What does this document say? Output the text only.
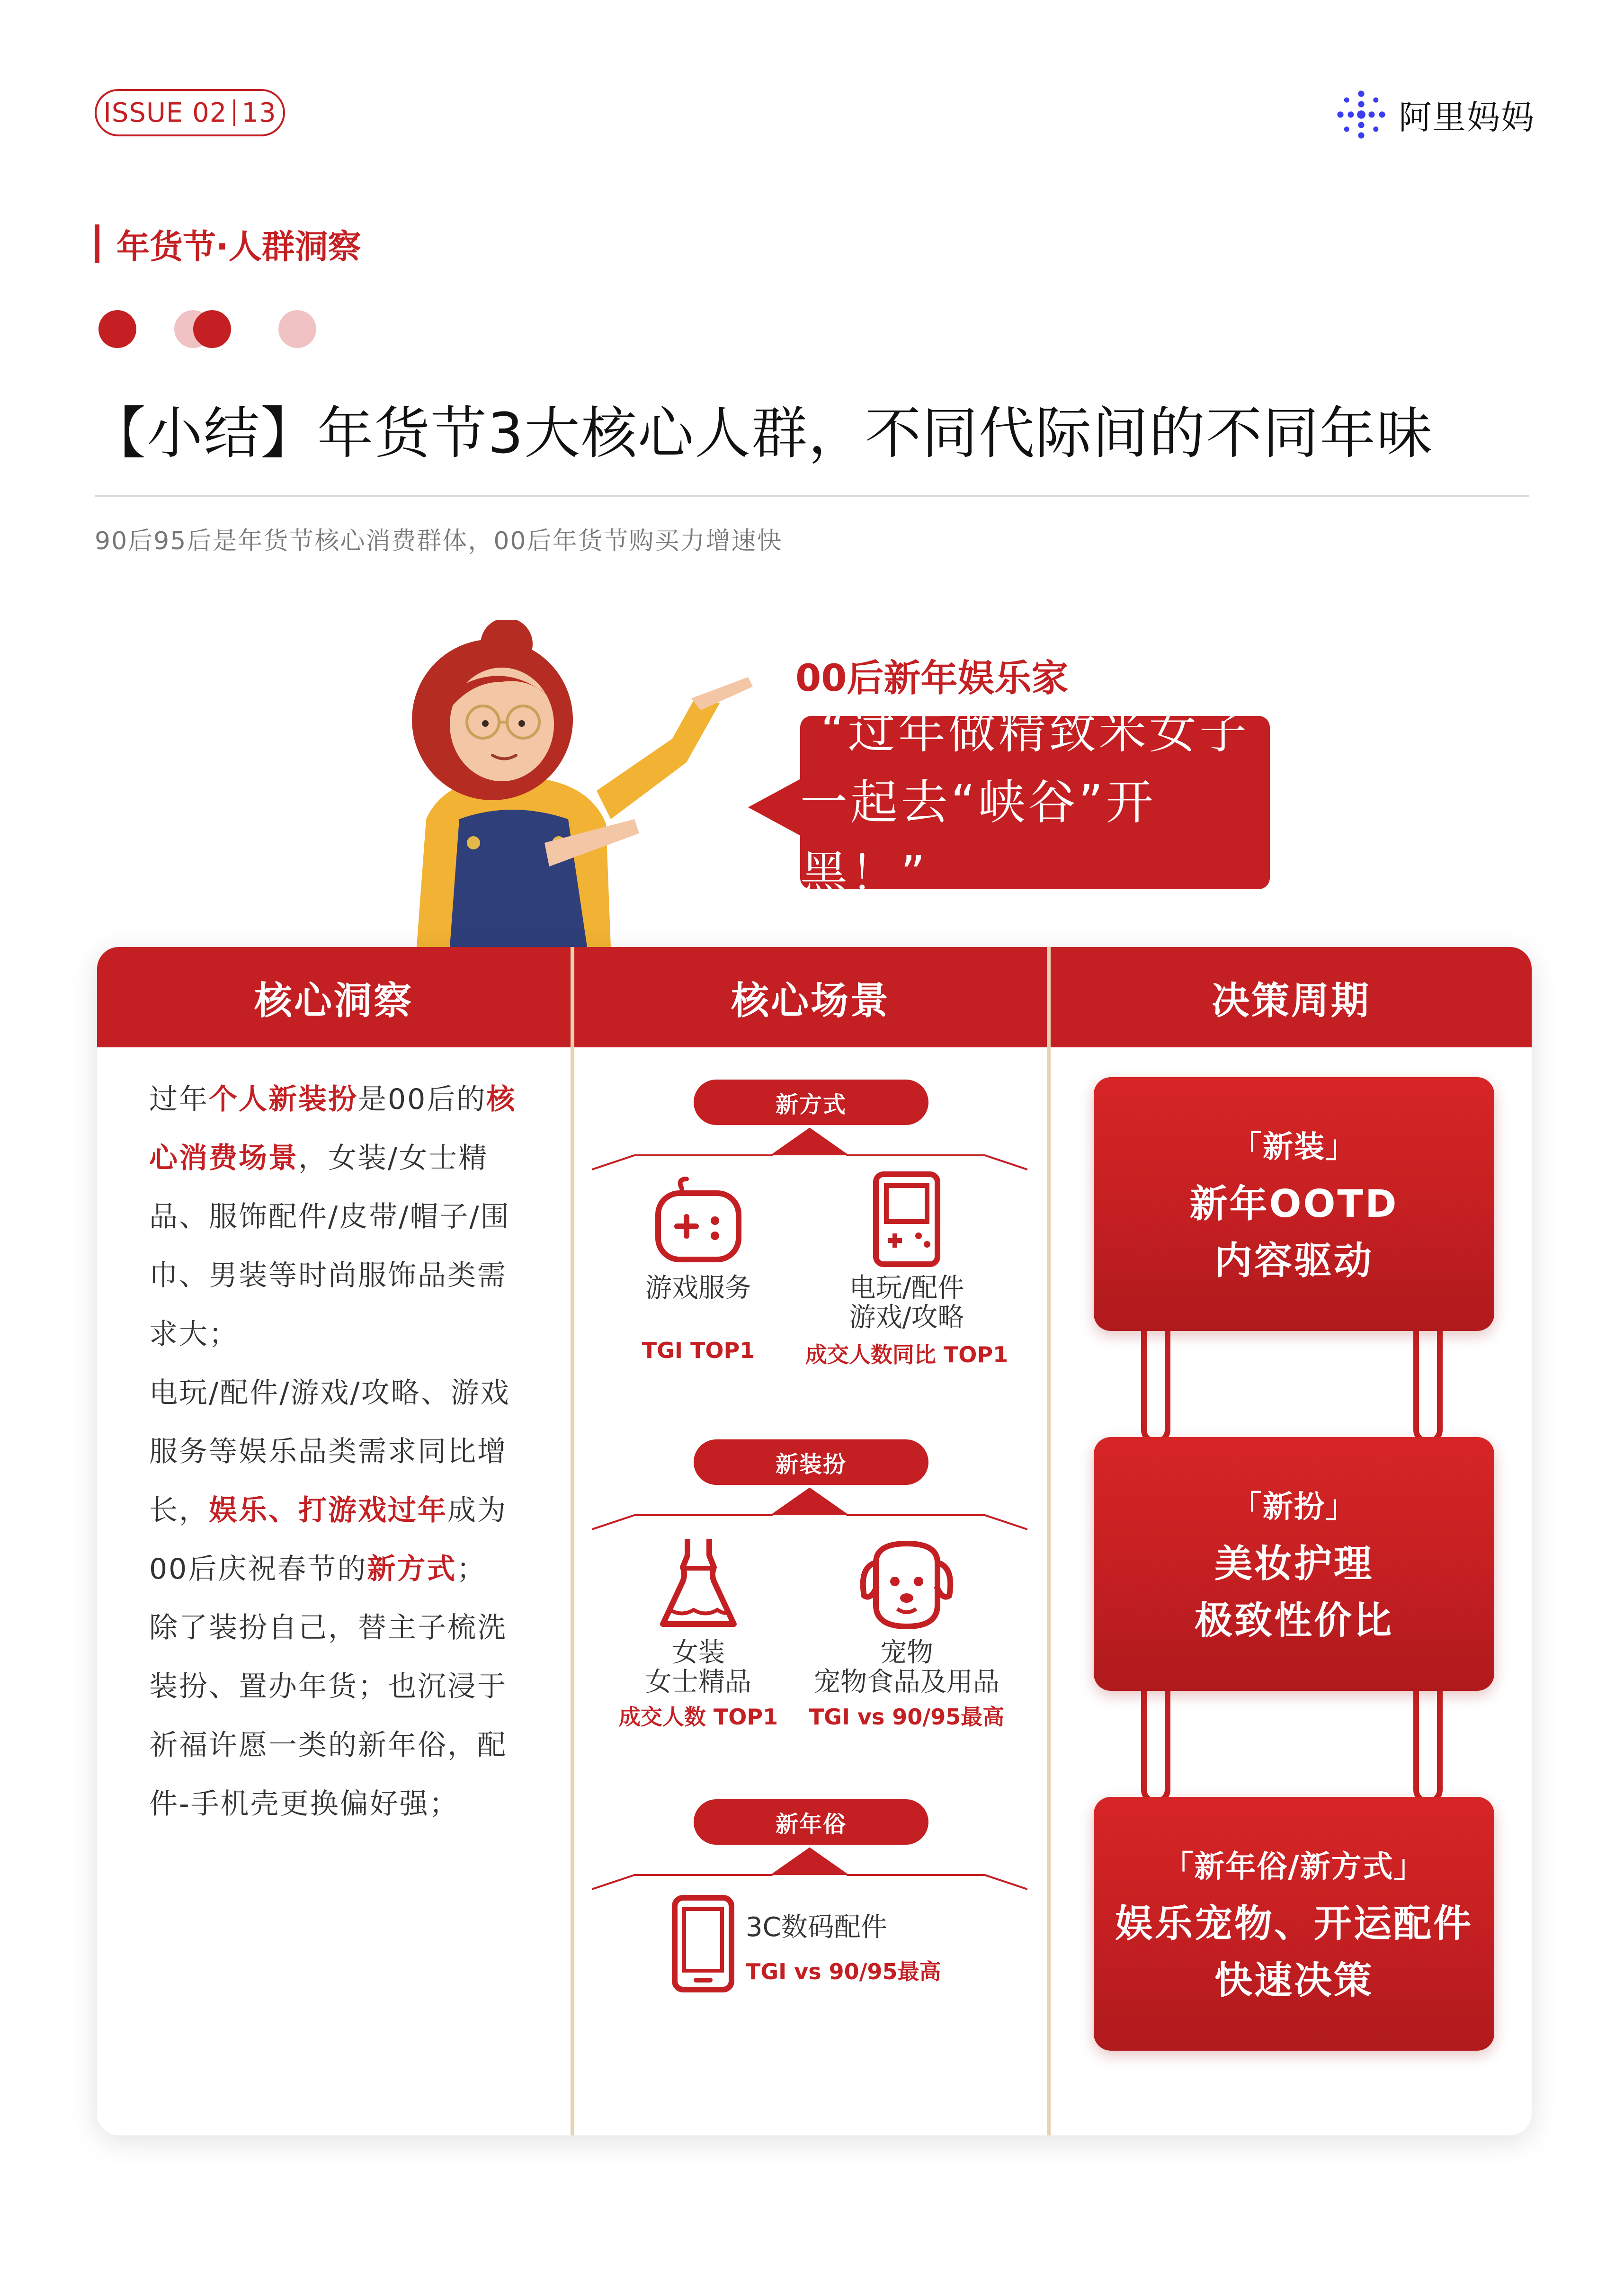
ISSUE 02 13	阿里妈妈
年货节·人群洞察
【小结】年货节3大核心人群，不同代际间的不同年味
90后95后是年货节核心消费群体，00后年货节购买力增速快
00后新年娱乐家
“过年做精致米女子
一起去“峡谷”开黑！”
核心洞察	核心场景	决策周期
过年个人新装扮是00后的核心消费场景，女装/女士精品、服饰配件/皮带/帽子/围巾、男装等时尚服饰品类需求大；
电玩/配件/游戏/攻略、游戏服务等娱乐品类需求同比增长，娱乐、打游戏过年成为00后庆祝春节的新方式；
除了装扮自己，替主子梳洗装扮、置办年货；也沉浸于祈福许愿一类的新年俗，配件-手机壳更换偏好强；
新方式
游戏服务
TGI TOP1
电玩/配件
游戏/攻略
成交人数同比 TOP1
新装扮
女装
女士精品
成交人数 TOP1
宠物
宠物食品及用品
TGI vs 90/95最高
新年俗
3C数码配件
TGI vs 90/95最高
「新装」
新年OOTD
内容驱动
「新扮」
美妆护理
极致性价比
「新年俗/新方式」
娱乐宠物、开运配件
快速决策
